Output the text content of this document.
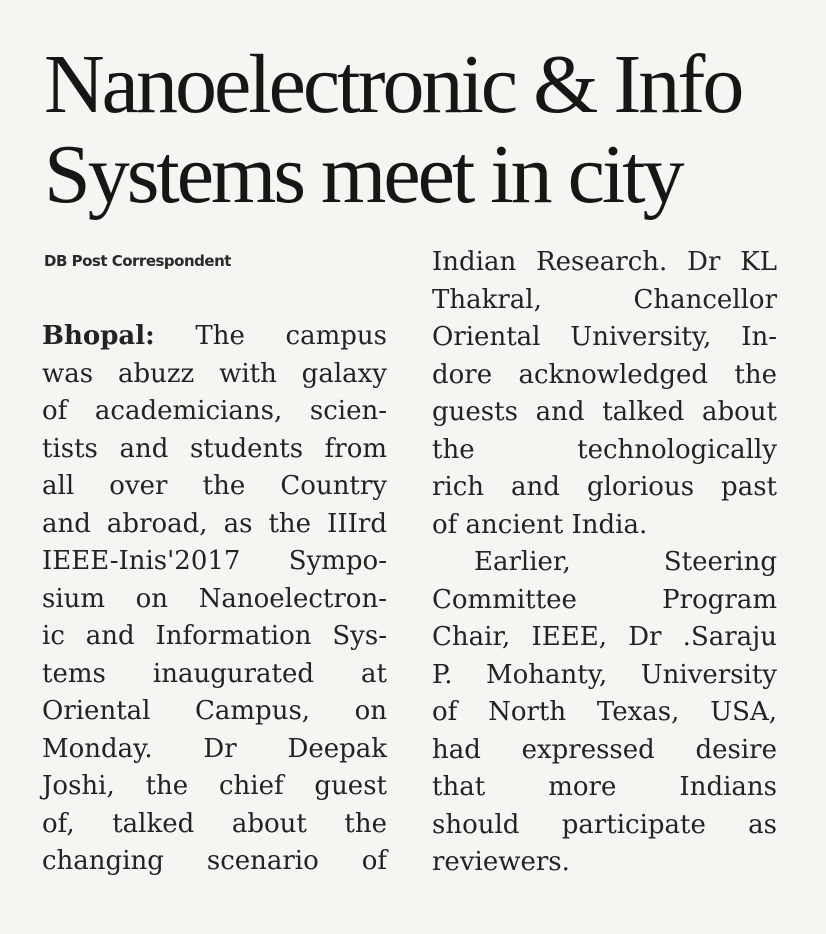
Nanoelectronic & Info
Systems meet in city
DB Post Correspondent
Bhopal: The campus
was abuzz with galaxy
of academicians, scien-
tists and students from
all over the Country
and abroad, as the IIIrd
IEEE-Inis'2017 Sympo-
sium on Nanoelectron-
ic and Information Sys-
tems inaugurated at
Oriental Campus, on
Monday. Dr Deepak
Joshi, the chief guest
of, talked about the
changing scenario of
Indian Research. Dr KL
Thakral, Chancellor
Oriental University, In-
dore acknowledged the
guests and talked about
the technologically
rich and glorious past
of ancient India.
Earlier, Steering
Committee Program
Chair, IEEE, Dr .Saraju
P. Mohanty, University
of North Texas, USA,
had expressed desire
that more Indians
should participate as
reviewers.
